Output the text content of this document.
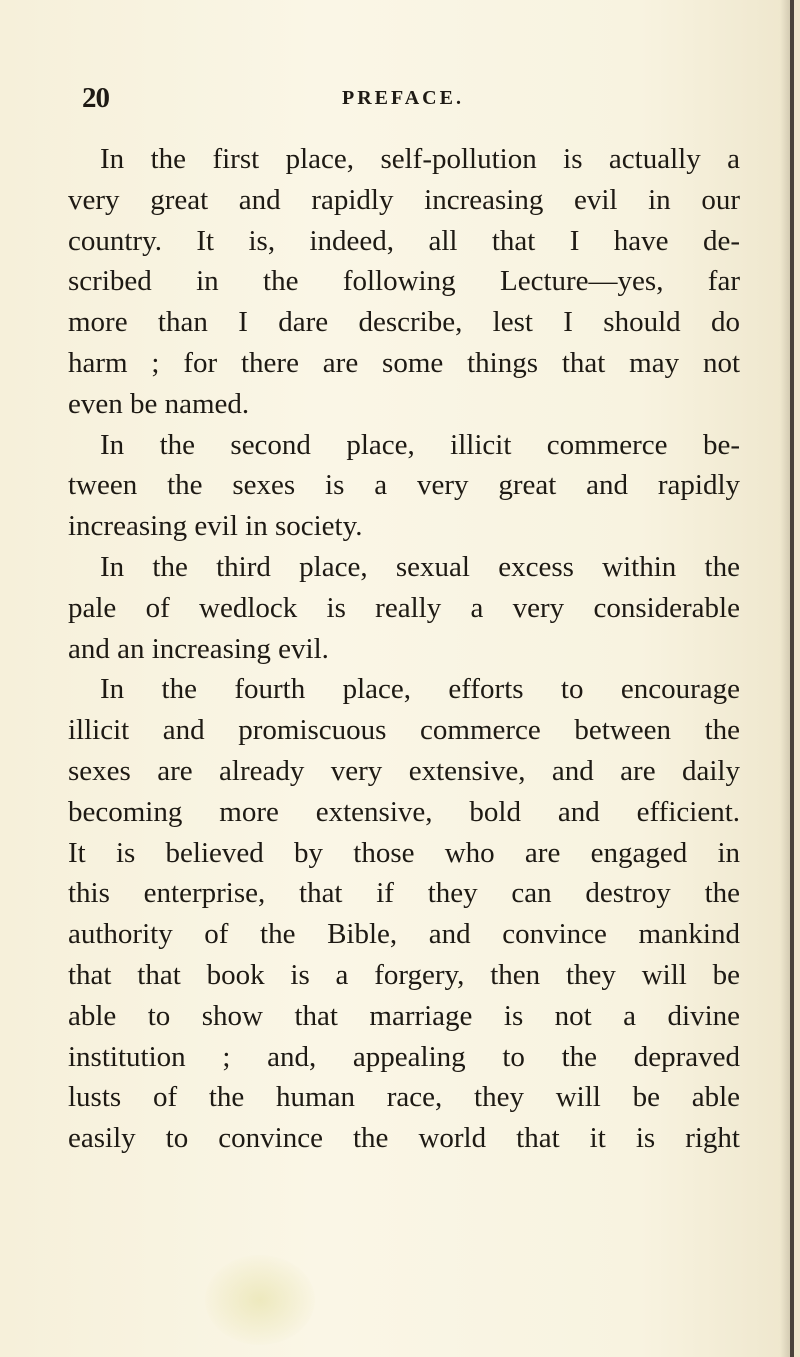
20	PREFACE.
In the first place, self-pollution is actually a
very great and rapidly increasing evil in our
country. It is, indeed, all that I have de-
scribed in the following Lecture—yes, far
more than I dare describe, lest I should do
harm ; for there are some things that may not
even be named.
In the second place, illicit commerce be-
tween the sexes is a very great and rapidly
increasing evil in society.
In the third place, sexual excess within the
pale of wedlock is really a very considerable
and an increasing evil.
In the fourth place, efforts to encourage
illicit and promiscuous commerce between the
sexes are already very extensive, and are daily
becoming more extensive, bold and efficient.
It is believed by those who are engaged in
this enterprise, that if they can destroy the
authority of the Bible, and convince mankind
that that book is a forgery, then they will be
able to show that marriage is not a divine
institution ; and, appealing to the depraved
lusts of the human race, they will be able
easily to convince the world that it is right
